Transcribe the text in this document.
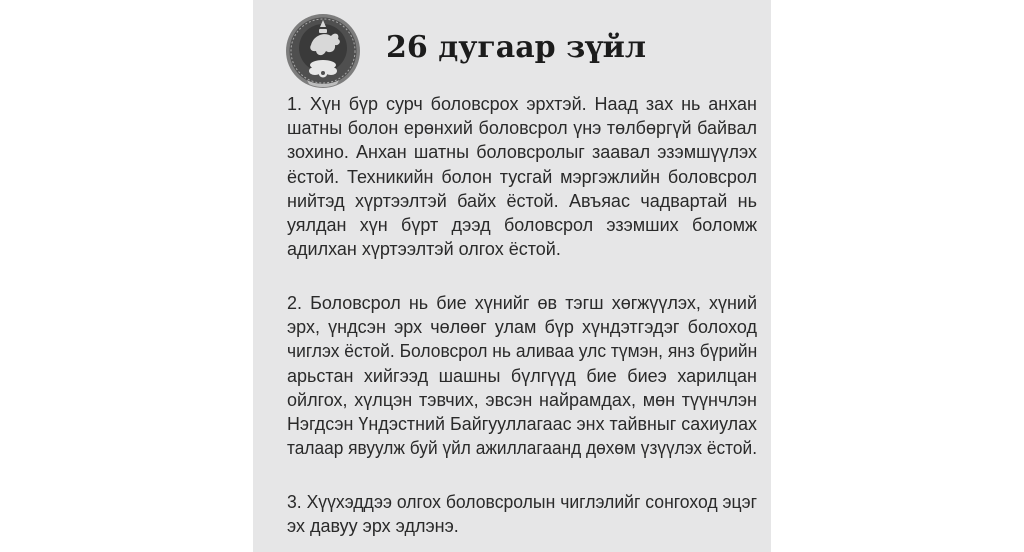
26 дугаар зүйл

1. Хүн бүр сурч боловсрох эрхтэй. Наад зах нь анхан
шатны болон ерөнхий боловсрол үнэ төлбөргүй байвал
зохино. Анхан шатны боловсролыг заавал эзэмшүүлэх
ёстой. Техникийн болон тусгай мэргэжлийн боловсрол
нийтэд хүртээлтэй байх ёстой. Авъяас чадвартай нь
уялдан хүн бүрт дээд боловсрол эзэмших боломж
адилхан хүртээлтэй олгох ёстой.

2. Боловсрол нь бие хүнийг өв тэгш хөгжүүлэх, хүний
эрх, үндсэн эрх чөлөөг улам бүр хүндэтгэдэг болоход
чиглэх ёстой. Боловсрол нь аливаа улс түмэн, янз бүрийн
арьстан хийгээд шашны бүлгүүд бие биеэ харилцан
ойлгох, хүлцэн тэвчих, эвсэн найрамдах, мөн түүнчлэн
Нэгдсэн Үндэстний Байгууллагаас энх тайвныг сахиулах
талаар явуулж буй үйл ажиллагаанд дөхөм үзүүлэх ёстой.

3. Хүүхэддээ олгох боловсролын чиглэлийг сонгоход эцэг
эх давуу эрх эдлэнэ.
